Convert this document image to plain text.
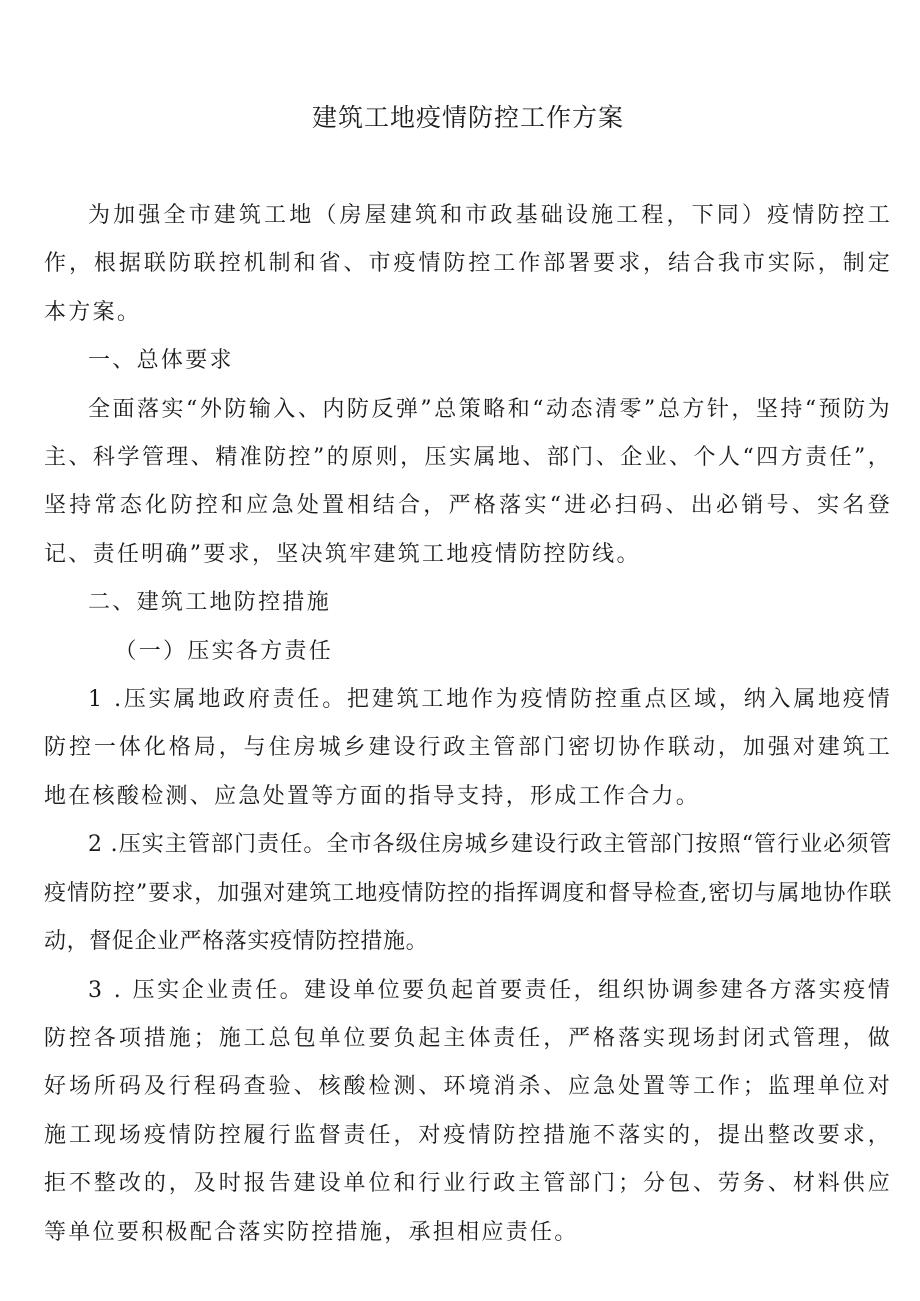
建筑工地疫情防控工作方案

为加强全市建筑工地（房屋建筑和市政基础设施工程，下同）疫情防控工作，根据联防联控机制和省、市疫情防控工作部署要求，结合我市实际，制定本方案。

一、总体要求

全面落实“外防输入、内防反弹”总策略和“动态清零”总方针，坚持“预防为主、科学管理、精准防控”的原则，压实属地、部门、企业、个人“四方责任”，坚持常态化防控和应急处置相结合，严格落实“进必扫码、出必销号、实名登记、责任明确”要求，坚决筑牢建筑工地疫情防控防线。

二、建筑工地防控措施

（一）压实各方责任

1 .压实属地政府责任。把建筑工地作为疫情防控重点区域，纳入属地疫情防控一体化格局，与住房城乡建设行政主管部门密切协作联动，加强对建筑工地在核酸检测、应急处置等方面的指导支持，形成工作合力。

2 .压实主管部门责任。全市各级住房城乡建设行政主管部门按照“管行业必须管疫情防控”要求，加强对建筑工地疫情防控的指挥调度和督导检查,密切与属地协作联动，督促企业严格落实疫情防控措施。

3 . 压实企业责任。建设单位要负起首要责任，组织协调参建各方落实疫情防控各项措施；施工总包单位要负起主体责任，严格落实现场封闭式管理，做好场所码及行程码查验、核酸检测、环境消杀、应急处置等工作；监理单位对施工现场疫情防控履行监督责任，对疫情防控措施不落实的，提出整改要求，拒不整改的，及时报告建设单位和行业行政主管部门；分包、劳务、材料供应等单位要积极配合落实防控措施，承担相应责任。
